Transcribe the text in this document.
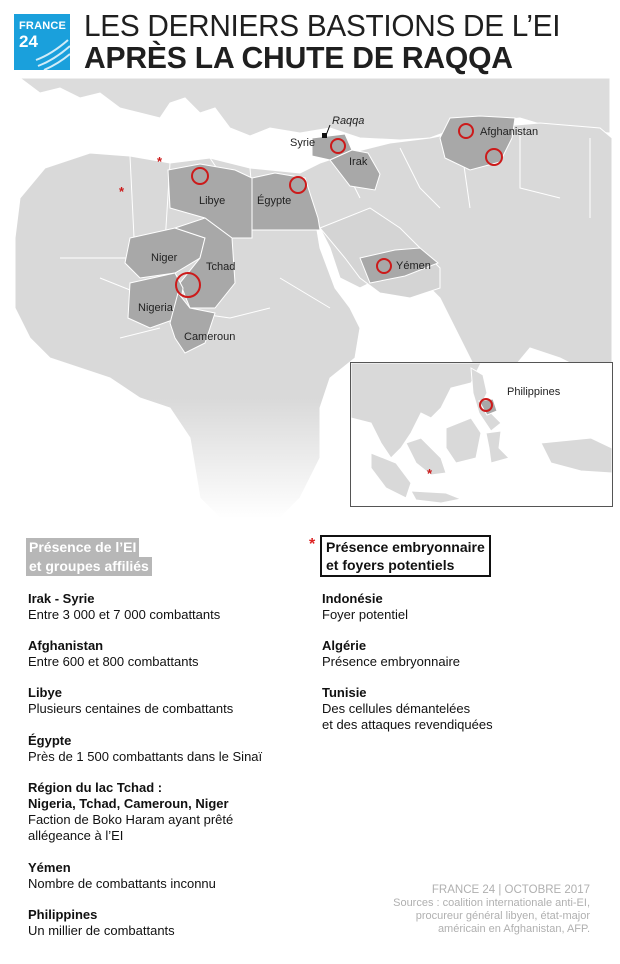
FRANCE
24 LES DERNIERS BASTIONS DE L’EI
APRÈS LA CHUTE DE RAQQA
*
*
Raqqa
Syrie
Irak
Afghanistan
Libye	Égypte
Niger
Tchad
Nigeria
Cameroun
Yémen
*
Philippines
Présence de l’EI
et groupes affiliés
* Présence embryonnaire
et foyers potentiels
Irak - Syrie
Entre 3 000 et 7 000 combattants
Afghanistan
Entre 600 et 800 combattants
Libye
Plusieurs centaines de combattants
Égypte
Près de 1 500 combattants dans le Sinaï
Région du lac Tchad :
Nigeria, Tchad, Cameroun, Niger
Faction de Boko Haram ayant prêté
allégeance à l’EI
Yémen
Nombre de combattants inconnu
Philippines
Un millier de combattants
Indonésie
Foyer potentiel
Algérie
Présence embryonnaire
Tunisie
Des cellules démantelées
et des attaques revendiquées
FRANCE 24 | OCTOBRE 2017
Sources : coalition internationale anti-EI,
procureur général libyen, état-major
américain en Afghanistan, AFP.
